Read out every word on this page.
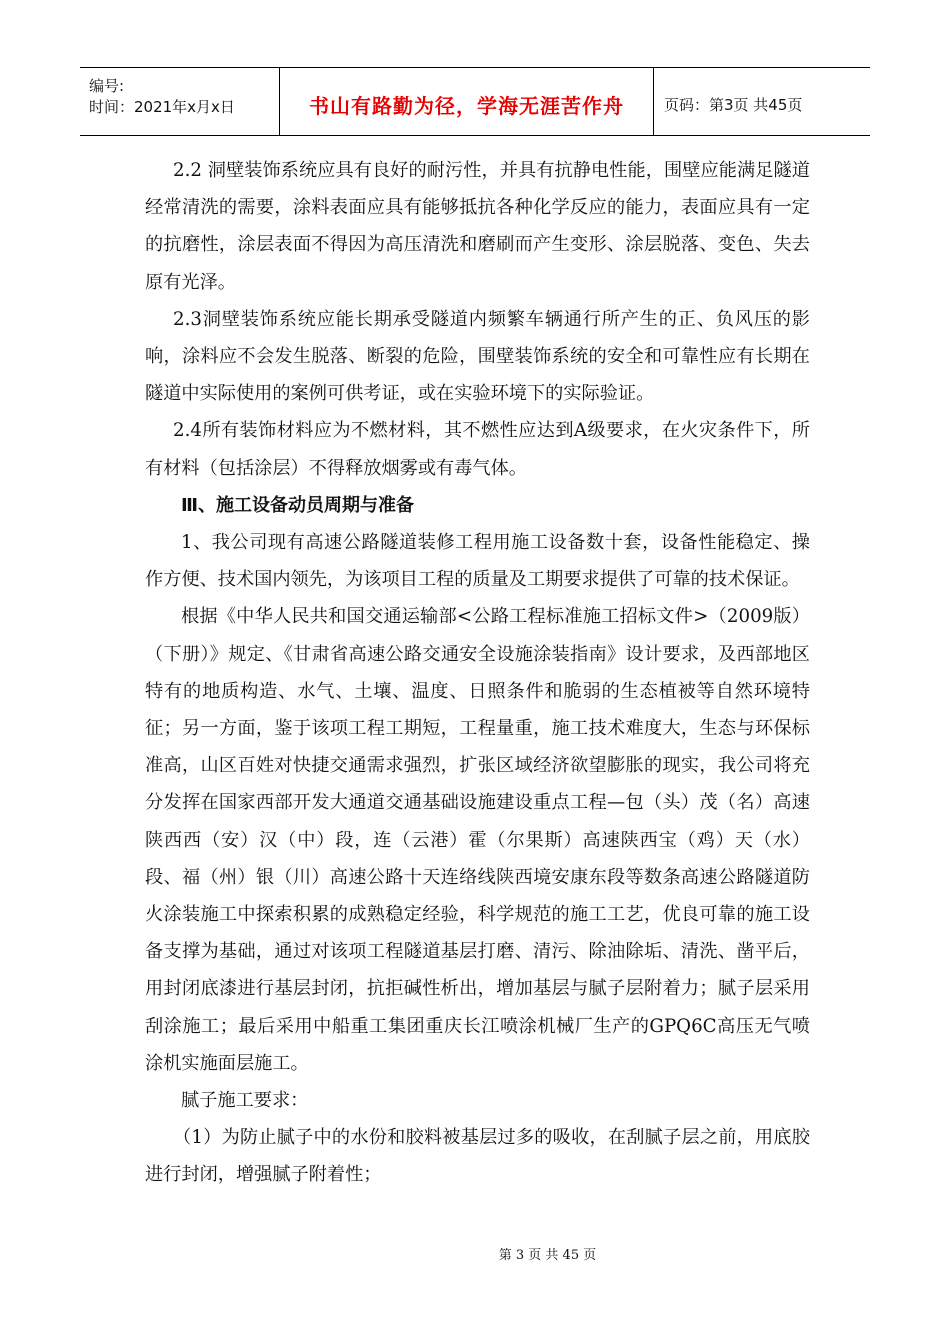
编号:
时间：2021年x月x日	书山有路勤为径，学海无涯苦作舟	页码：第3页 共45页

2.2 洞壁装饰系统应具有良好的耐污性，并具有抗静电性能，围壁应能满足隧道经常清洗的需要，涂料表面应具有能够抵抗各种化学反应的能力，表面应具有一定的抗磨性，涂层表面不得因为高压清洗和磨刷而产生变形、涂层脱落、变色、失去原有光泽。

2.3洞壁装饰系统应能长期承受隧道内频繁车辆通行所产生的正、负风压的影响，涂料应不会发生脱落、断裂的危险，围壁装饰系统的安全和可靠性应有长期在隧道中实际使用的案例可供考证，或在实验环境下的实际验证。

2.4所有装饰材料应为不燃材料，其不燃性应达到A级要求，在火灾条件下，所有材料（包括涂层）不得释放烟雾或有毒气体。

Ⅲ、施工设备动员周期与准备

1、我公司现有高速公路隧道装修工程用施工设备数十套，设备性能稳定、操作方便、技术国内领先，为该项目工程的质量及工期要求提供了可靠的技术保证。

根据《中华人民共和国交通运输部<公路工程标准施工招标文件>（2009版）（下册）》规定、《甘肃省高速公路交通安全设施涂装指南》设计要求，及西部地区特有的地质构造、水气、土壤、温度、日照条件和脆弱的生态植被等自然环境特征；另一方面，鉴于该项工程工期短，工程量重，施工技术难度大，生态与环保标准高，山区百姓对快捷交通需求强烈，扩张区域经济欲望膨胀的现实，我公司将充分发挥在国家西部开发大通道交通基础设施建设重点工程—包（头）茂（名）高速陕西西（安）汉（中）段，连（云港）霍（尔果斯）高速陕西宝（鸡）天（水）段、福（州）银（川）高速公路十天连络线陕西境安康东段等数条高速公路隧道防火涂装施工中探索积累的成熟稳定经验，科学规范的施工工艺，优良可靠的施工设备支撑为基础，通过对该项工程隧道基层打磨、清污、除油除垢、清洗、凿平后，用封闭底漆进行基层封闭，抗拒碱性析出，增加基层与腻子层附着力；腻子层采用刮涂施工；最后采用中船重工集团重庆长江喷涂机械厂生产的GPQ6C高压无气喷涂机实施面层施工。

腻子施工要求：

（1）为防止腻子中的水份和胶料被基层过多的吸收，在刮腻子层之前，用底胶进行封闭，增强腻子附着性；

第 3 页 共 45 页
